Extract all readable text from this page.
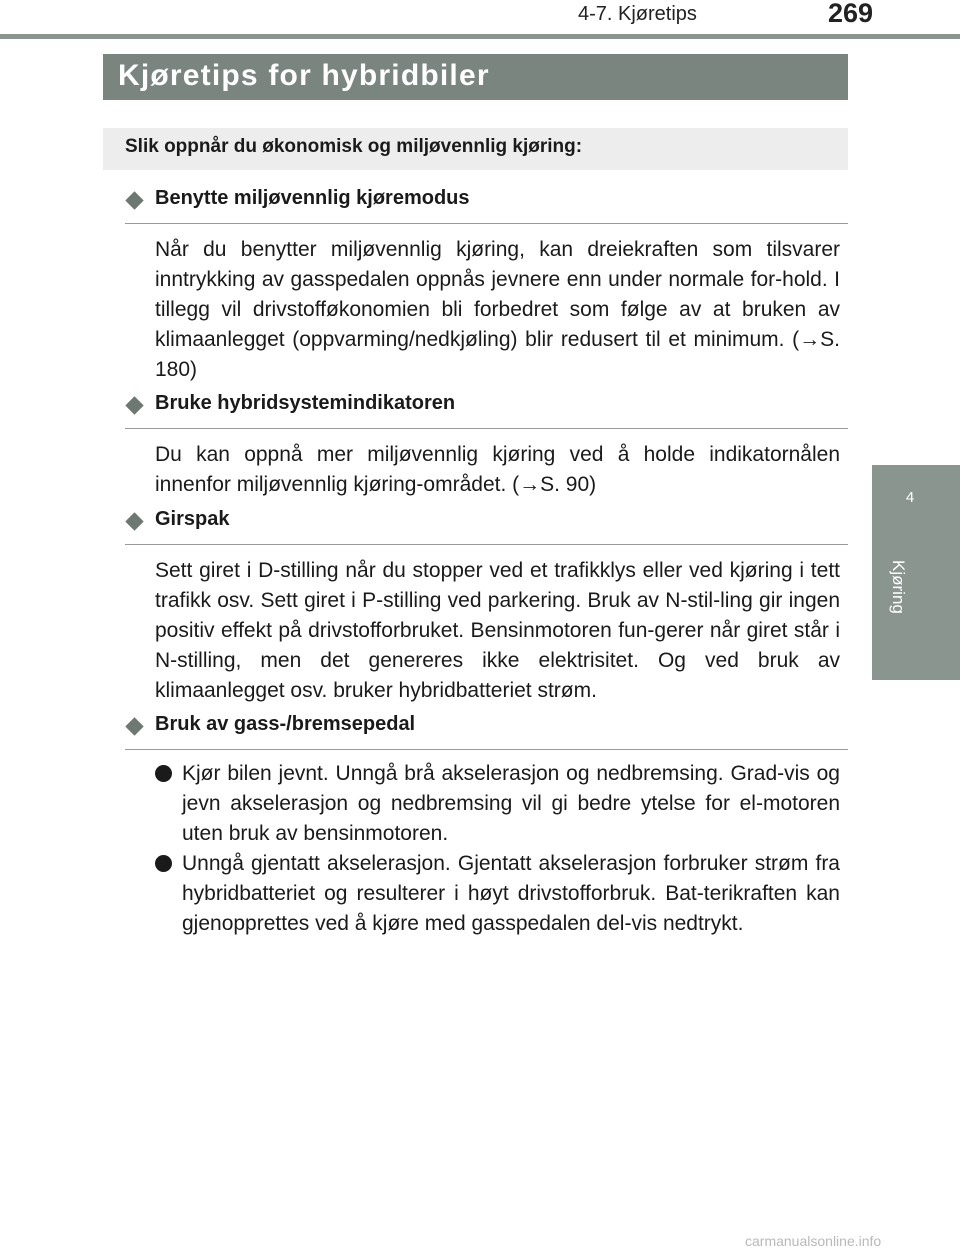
4-7. Kjøretips	269
4
Kjøring
Kjøretips for hybridbiler
Slik oppnår du økonomisk og miljøvennlig kjøring:
Benytte miljøvennlig kjøremodus

Når du benytter miljøvennlig kjøring, kan dreiekraften som tilsvarer inntrykking av gasspedalen oppnås jevnere enn under normale for-hold. I tillegg vil drivstofføkonomien bli forbedret som følge av at bruken av klimaanlegget (oppvarming/nedkjøling) blir redusert til et minimum. (→S. 180)

Bruke hybridsystemindikatoren

Du kan oppnå mer miljøvennlig kjøring ved å holde indikatornålen innenfor miljøvennlig kjøring-området. (→S. 90)

Girspak

Sett giret i D-stilling når du stopper ved et trafikklys eller ved kjøring i tett trafikk osv. Sett giret i P-stilling ved parkering. Bruk av N-stil-ling gir ingen positiv effekt på drivstofforbruket. Bensinmotoren fun-gerer når giret står i N-stilling, men det genereres ikke elektrisitet. Og ved bruk av klimaanlegget osv. bruker hybridbatteriet strøm.

Bruk av gass-/bremsepedal

Kjør bilen jevnt. Unngå brå akselerasjon og nedbremsing. Grad-vis og jevn akselerasjon og nedbremsing vil gi bedre ytelse for el-motoren uten bruk av bensinmotoren.

Unngå gjentatt akselerasjon. Gjentatt akselerasjon forbruker strøm fra hybridbatteriet og resulterer i høyt drivstofforbruk. Bat-terikraften kan gjenopprettes ved å kjøre med gasspedalen del-vis nedtrykt.

carmanualsonline.info
